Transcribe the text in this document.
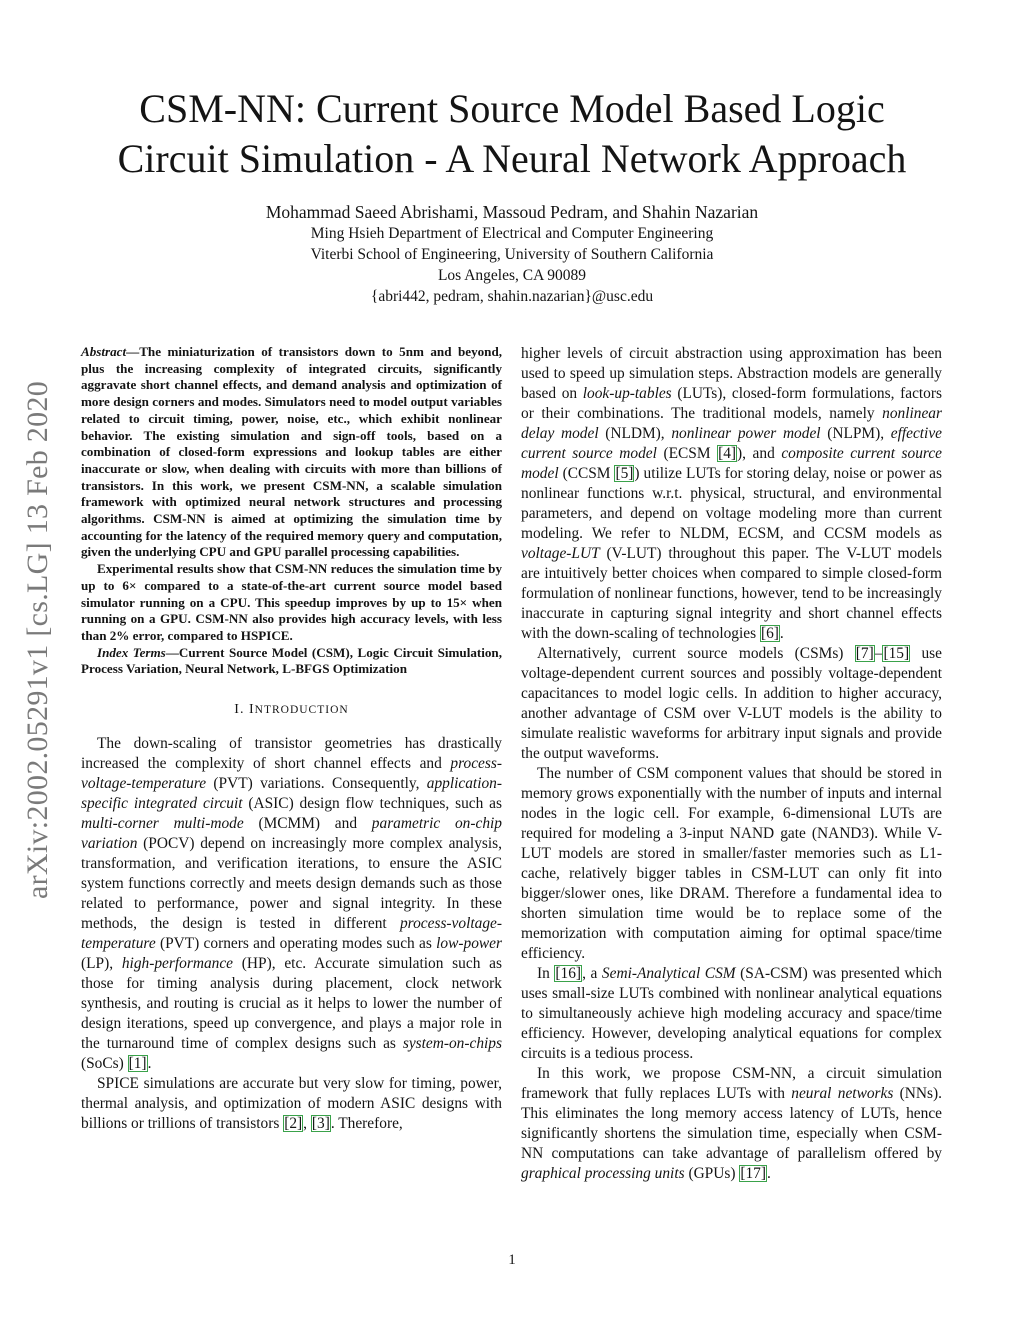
arXiv:2002.05291v1 [cs.LG] 13 Feb 2020
CSM-NN: Current Source Model Based Logic
Circuit Simulation - A Neural Network Approach
Mohammad Saeed Abrishami, Massoud Pedram, and Shahin Nazarian
Ming Hsieh Department of Electrical and Computer Engineering
Viterbi School of Engineering, University of Southern California
Los Angeles, CA 90089
{abri442, pedram, shahin.nazarian}@usc.edu

Abstract—The miniaturization of transistors down to 5nm and beyond, plus the increasing complexity of integrated circuits, significantly aggravate short channel effects, and demand analysis and optimization of more design corners and modes. Simulators need to model output variables related to circuit timing, power, noise, etc., which exhibit nonlinear behavior. The existing simulation and sign-off tools, based on a combination of closed-form expressions and lookup tables are either inaccurate or slow, when dealing with circuits with more than billions of transistors. In this work, we present CSM-NN, a scalable simulation framework with optimized neural network structures and processing algorithms. CSM-NN is aimed at optimizing the simulation time by accounting for the latency of the required memory query and computation, given the underlying CPU and GPU parallel processing capabilities.

Experimental results show that CSM-NN reduces the simulation time by up to 6× compared to a state-of-the-art current source model based simulator running on a CPU. This speedup improves by up to 15× when running on a GPU. CSM-NN also provides high accuracy levels, with less than 2% error, compared to HSPICE.

Index Terms—Current Source Model (CSM), Logic Circuit Simulation, Process Variation, Neural Network, L-BFGS Optimization

I. INTRODUCTION

The down-scaling of transistor geometries has drastically increased the complexity of short channel effects and process-voltage-temperature (PVT) variations. Consequently, application-specific integrated circuit (ASIC) design flow techniques, such as multi-corner multi-mode (MCMM) and parametric on-chip variation (POCV) depend on increasingly more complex analysis, transformation, and verification iterations, to ensure the ASIC system functions correctly and meets design demands such as those related to performance, power and signal integrity. In these methods, the design is tested in different process-voltage-temperature (PVT) corners and operating modes such as low-power (LP), high-performance (HP), etc. Accurate simulation such as those for timing analysis during placement, clock network synthesis, and routing is crucial as it helps to lower the number of design iterations, speed up convergence, and plays a major role in the turnaround time of complex designs such as system-on-chips (SoCs) [1].

SPICE simulations are accurate but very slow for timing, power, thermal analysis, and optimization of modern ASIC designs with billions or trillions of transistors [2], [3]. Therefore,

higher levels of circuit abstraction using approximation has been used to speed up simulation steps. Abstraction models are generally based on look-up-tables (LUTs), closed-form formulations, factors or their combinations. The traditional models, namely nonlinear delay model (NLDM), nonlinear power model (NLPM), effective current source model (ECSM [4]), and composite current source model (CCSM [5]) utilize LUTs for storing delay, noise or power as nonlinear functions w.r.t. physical, structural, and environmental parameters, and depend on voltage modeling more than current modeling. We refer to NLDM, ECSM, and CCSM models as voltage-LUT (V-LUT) throughout this paper. The V-LUT models are intuitively better choices when compared to simple closed-form formulation of nonlinear functions, however, tend to be increasingly inaccurate in capturing signal integrity and short channel effects with the down-scaling of technologies [6].

Alternatively, current source models (CSMs) [7]–[15] use voltage-dependent current sources and possibly voltage-dependent capacitances to model logic cells. In addition to higher accuracy, another advantage of CSM over V-LUT models is the ability to simulate realistic waveforms for arbitrary input signals and provide the output waveforms.

The number of CSM component values that should be stored in memory grows exponentially with the number of inputs and internal nodes in the logic cell. For example, 6-dimensional LUTs are required for modeling a 3-input NAND gate (NAND3). While V-LUT models are stored in smaller/faster memories such as L1-cache, relatively bigger tables in CSM-LUT can only fit into bigger/slower ones, like DRAM. Therefore a fundamental idea to shorten simulation time would be to replace some of the memorization with computation aiming for optimal space/time efficiency.

In [16], a Semi-Analytical CSM (SA-CSM) was presented which uses small-size LUTs combined with nonlinear analytical equations to simultaneously achieve high modeling accuracy and space/time efficiency. However, developing analytical equations for complex circuits is a tedious process.

In this work, we propose CSM-NN, a circuit simulation framework that fully replaces LUTs with neural networks (NNs). This eliminates the long memory access latency of LUTs, hence significantly shortens the simulation time, especially when CSM-NN computations can take advantage of parallelism offered by graphical processing units (GPUs) [17].

1
